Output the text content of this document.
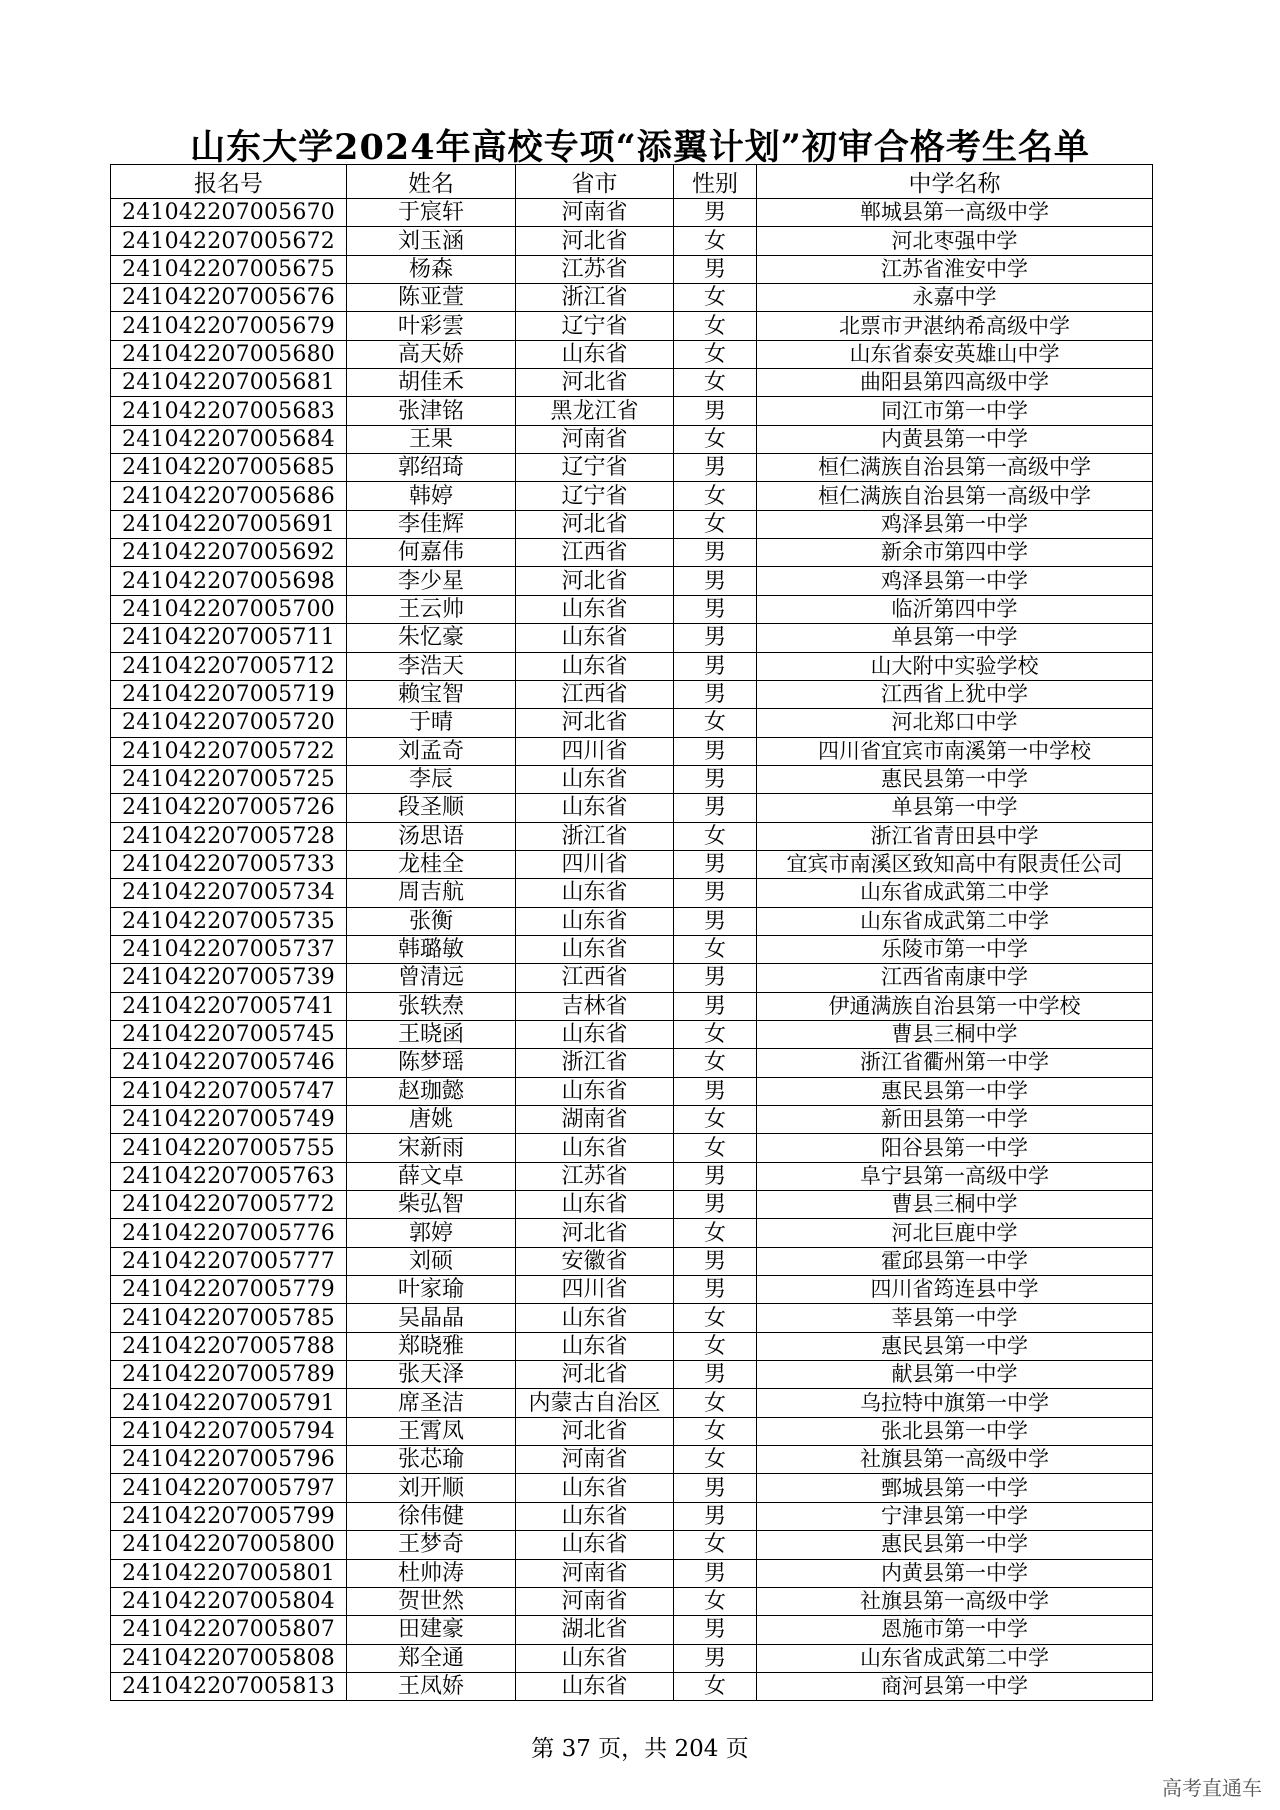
山东大学2024年高校专项“添翼计划”初审合格考生名单
报名号	姓名	省市	性别	中学名称
241042207005670	于宸轩	河南省	男	郸城县第一高级中学
241042207005672	刘玉涵	河北省	女	河北枣强中学
241042207005675	杨森	江苏省	男	江苏省淮安中学
241042207005676	陈亚萱	浙江省	女	永嘉中学
241042207005679	叶彩雲	辽宁省	女	北票市尹湛纳希高级中学
241042207005680	高天娇	山东省	女	山东省泰安英雄山中学
241042207005681	胡佳禾	河北省	女	曲阳县第四高级中学
241042207005683	张津铭	黑龙江省	男	同江市第一中学
241042207005684	王果	河南省	女	内黄县第一中学
241042207005685	郭绍琦	辽宁省	男	桓仁满族自治县第一高级中学
241042207005686	韩婷	辽宁省	女	桓仁满族自治县第一高级中学
241042207005691	李佳辉	河北省	女	鸡泽县第一中学
241042207005692	何嘉伟	江西省	男	新余市第四中学
241042207005698	李少星	河北省	男	鸡泽县第一中学
241042207005700	王云帅	山东省	男	临沂第四中学
241042207005711	朱忆豪	山东省	男	单县第一中学
241042207005712	李浩天	山东省	男	山大附中实验学校
241042207005719	赖宝智	江西省	男	江西省上犹中学
241042207005720	于晴	河北省	女	河北郑口中学
241042207005722	刘孟奇	四川省	男	四川省宜宾市南溪第一中学校
241042207005725	李辰	山东省	男	惠民县第一中学
241042207005726	段圣顺	山东省	男	单县第一中学
241042207005728	汤思语	浙江省	女	浙江省青田县中学
241042207005733	龙桂全	四川省	男	宜宾市南溪区致知高中有限责任公司
241042207005734	周吉航	山东省	男	山东省成武第二中学
241042207005735	张衡	山东省	男	山东省成武第二中学
241042207005737	韩璐敏	山东省	女	乐陵市第一中学
241042207005739	曾清远	江西省	男	江西省南康中学
241042207005741	张轶焘	吉林省	男	伊通满族自治县第一中学校
241042207005745	王晓函	山东省	女	曹县三桐中学
241042207005746	陈梦瑶	浙江省	女	浙江省衢州第一中学
241042207005747	赵珈懿	山东省	男	惠民县第一中学
241042207005749	唐姚	湖南省	女	新田县第一中学
241042207005755	宋新雨	山东省	女	阳谷县第一中学
241042207005763	薛文卓	江苏省	男	阜宁县第一高级中学
241042207005772	柴弘智	山东省	男	曹县三桐中学
241042207005776	郭婷	河北省	女	河北巨鹿中学
241042207005777	刘硕	安徽省	男	霍邱县第一中学
241042207005779	叶家瑜	四川省	男	四川省筠连县中学
241042207005785	吴晶晶	山东省	女	莘县第一中学
241042207005788	郑晓雅	山东省	女	惠民县第一中学
241042207005789	张天泽	河北省	男	献县第一中学
241042207005791	席圣洁	内蒙古自治区	女	乌拉特中旗第一中学
241042207005794	王霄凤	河北省	女	张北县第一中学
241042207005796	张芯瑜	河南省	女	社旗县第一高级中学
241042207005797	刘开顺	山东省	男	鄄城县第一中学
241042207005799	徐伟健	山东省	男	宁津县第一中学
241042207005800	王梦奇	山东省	女	惠民县第一中学
241042207005801	杜帅涛	河南省	男	内黄县第一中学
241042207005804	贺世然	河南省	女	社旗县第一高级中学
241042207005807	田建豪	湖北省	男	恩施市第一中学
241042207005808	郑全通	山东省	男	山东省成武第二中学
241042207005813	王凤娇	山东省	女	商河县第一中学
第 37 页，共 204 页
高考直通车
